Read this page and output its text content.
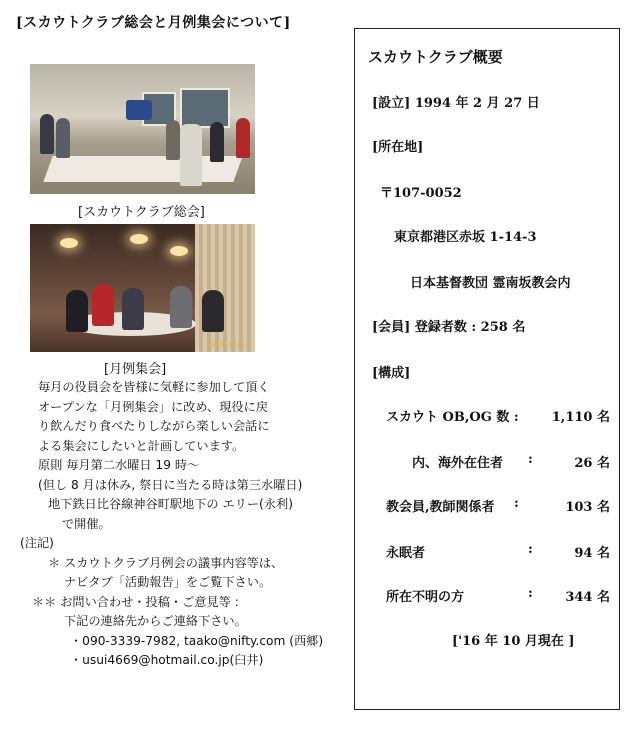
[スカウトクラブ総会と月例集会について]
[スカウトクラブ総会]
2016/10/12
[月例集会]
毎月の役員会を皆様に気軽に参加して頂く
オープンな「月例集会」に改め、現役に戻
り飲んだり食べたりしながら楽しい会話に
よる集会にしたいと計画しています。
原則 毎月第二水曜日 19 時〜
(但し 8 月は休み, 祭日に当たる時は第三水曜日)
地下鉄日比谷線神谷町駅地下の エリー(永利)
で開催。
(注記)
＊ スカウトクラブ月例会の議事内容等は、
ナビタブ「活動報告」をご覧下さい。
＊＊ お問い合わせ・投稿・ご意見等 :
下記の連絡先からご連絡下さい。
・090-3339-7982, taako@nifty.com (西郷)
・usui4669@hotmail.co.jp(臼井)
スカウトクラブ概要
[設立] 1994 年 2 月 27 日
[所在地]
〒107-0052
東京都港区赤坂 1-14-3
日本基督教団 霊南坂教会内
[会員] 登録者数 : 258 名
[構成]
スカウト OB,OG 数 :	1,110 名
内、海外在住者 :	26 名
教会員,教師関係者 :	103 名
永眠者	:	94 名
所在不明の方	:	344 名
['16 年 10 月現在 ]
